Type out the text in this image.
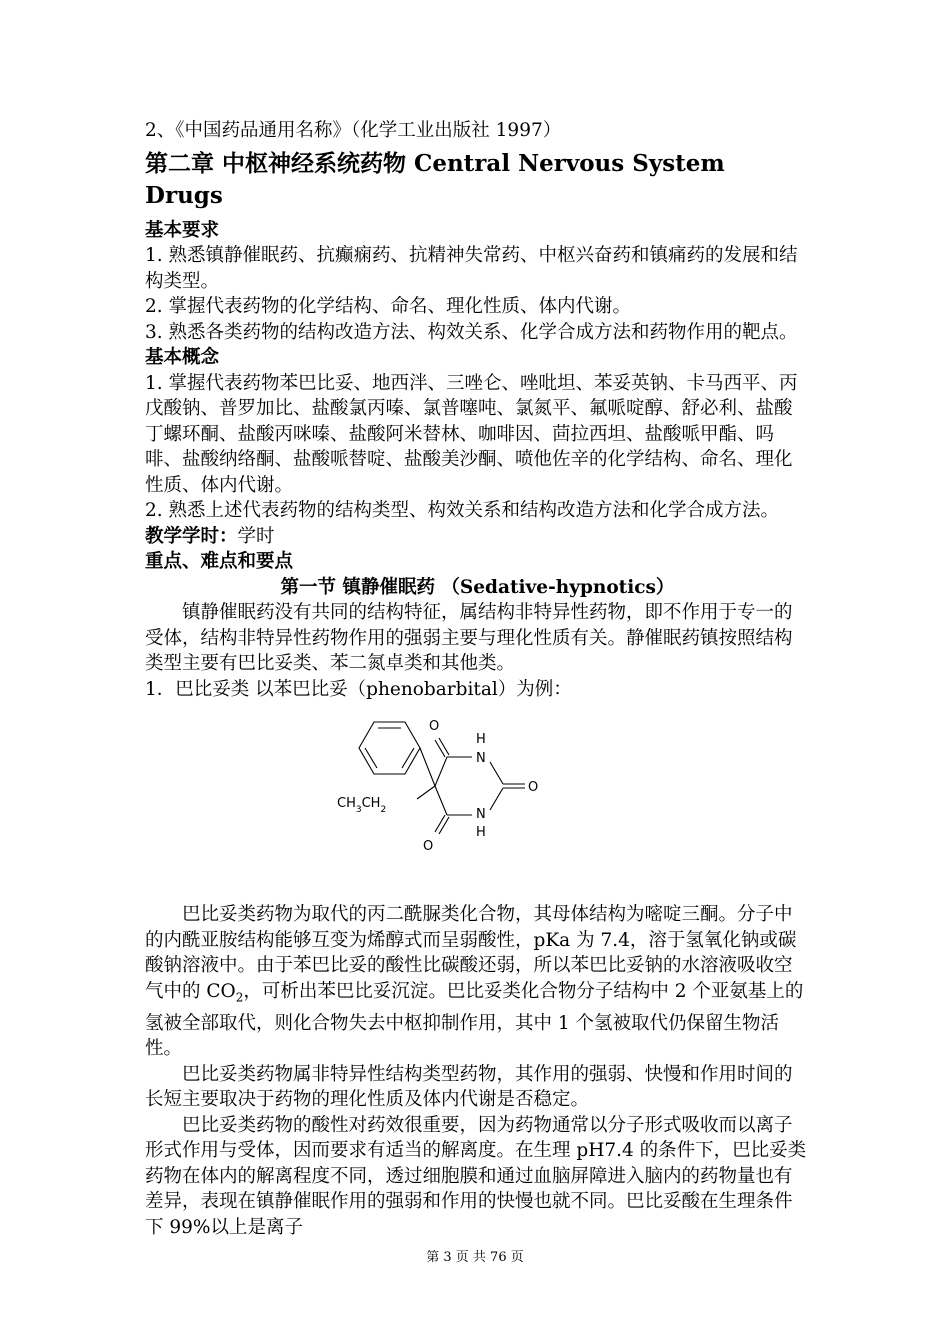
2、《中国药品通用名称》（化学工业出版社 1997）

第二章 中枢神经系统药物 Central Nervous System Drugs

基本要求

1. 熟悉镇静催眠药、抗癫痫药、抗精神失常药、中枢兴奋药和镇痛药的发展和结构类型。

2. 掌握代表药物的化学结构、命名、理化性质、体内代谢。

3. 熟悉各类药物的结构改造方法、构效关系、化学合成方法和药物作用的靶点。

基本概念

1. 掌握代表药物苯巴比妥、地西泮、三唑仑、唑吡坦、苯妥英钠、卡马西平、丙戊酸钠、普罗加比、盐酸氯丙嗪、氯普噻吨、氯氮平、氟哌啶醇、舒必利、盐酸丁螺环酮、盐酸丙咪嗪、盐酸阿米替林、咖啡因、茴拉西坦、盐酸哌甲酯、吗啡、盐酸纳络酮、盐酸哌替啶、盐酸美沙酮、喷他佐辛的化学结构、命名、理化性质、体内代谢。

2. 熟悉上述代表药物的结构类型、构效关系和结构改造方法和化学合成方法。

教学学时：学时

重点、难点和要点

第一节 镇静催眠药 （Sedative-hypnotics）

镇静催眠药没有共同的结构特征，属结构非特异性药物，即不作用于专一的受体，结构非特异性药物作用的强弱主要与理化性质有关。静催眠药镇按照结构类型主要有巴比妥类、苯二氮卓类和其他类。

1．巴比妥类 以苯巴比妥（phenobarbital）为例：

O
H
N
O
$CH_3CH_2$	N
H
O

巴比妥类药物为取代的丙二酰脲类化合物，其母体结构为嘧啶三酮。分子中的内酰亚胺结构能够互变为烯醇式而呈弱酸性，pKa 为 7.4，溶于氢氧化钠或碳酸钠溶液中。由于苯巴比妥的酸性比碳酸还弱，所以苯巴比妥钠的水溶液吸收空气中的 $CO_2$，可析出苯巴比妥沉淀。巴比妥类化合物分子结构中 2 个亚氨基上的氢被全部取代，则化合物失去中枢抑制作用，其中 1 个氢被取代仍保留生物活性。

巴比妥类药物属非特异性结构类型药物，其作用的强弱、快慢和作用时间的长短主要取决于药物的理化性质及体内代谢是否稳定。

巴比妥类药物的酸性对药效很重要，因为药物通常以分子形式吸收而以离子形式作用与受体，因而要求有适当的解离度。在生理 pH7.4 的条件下，巴比妥类药物在体内的解离程度不同，透过细胞膜和通过血脑屏障进入脑内的药物量也有差异，表现在镇静催眠作用的强弱和作用的快慢也就不同。巴比妥酸在生理条件下 99%以上是离子

第 3 页 共 76 页
